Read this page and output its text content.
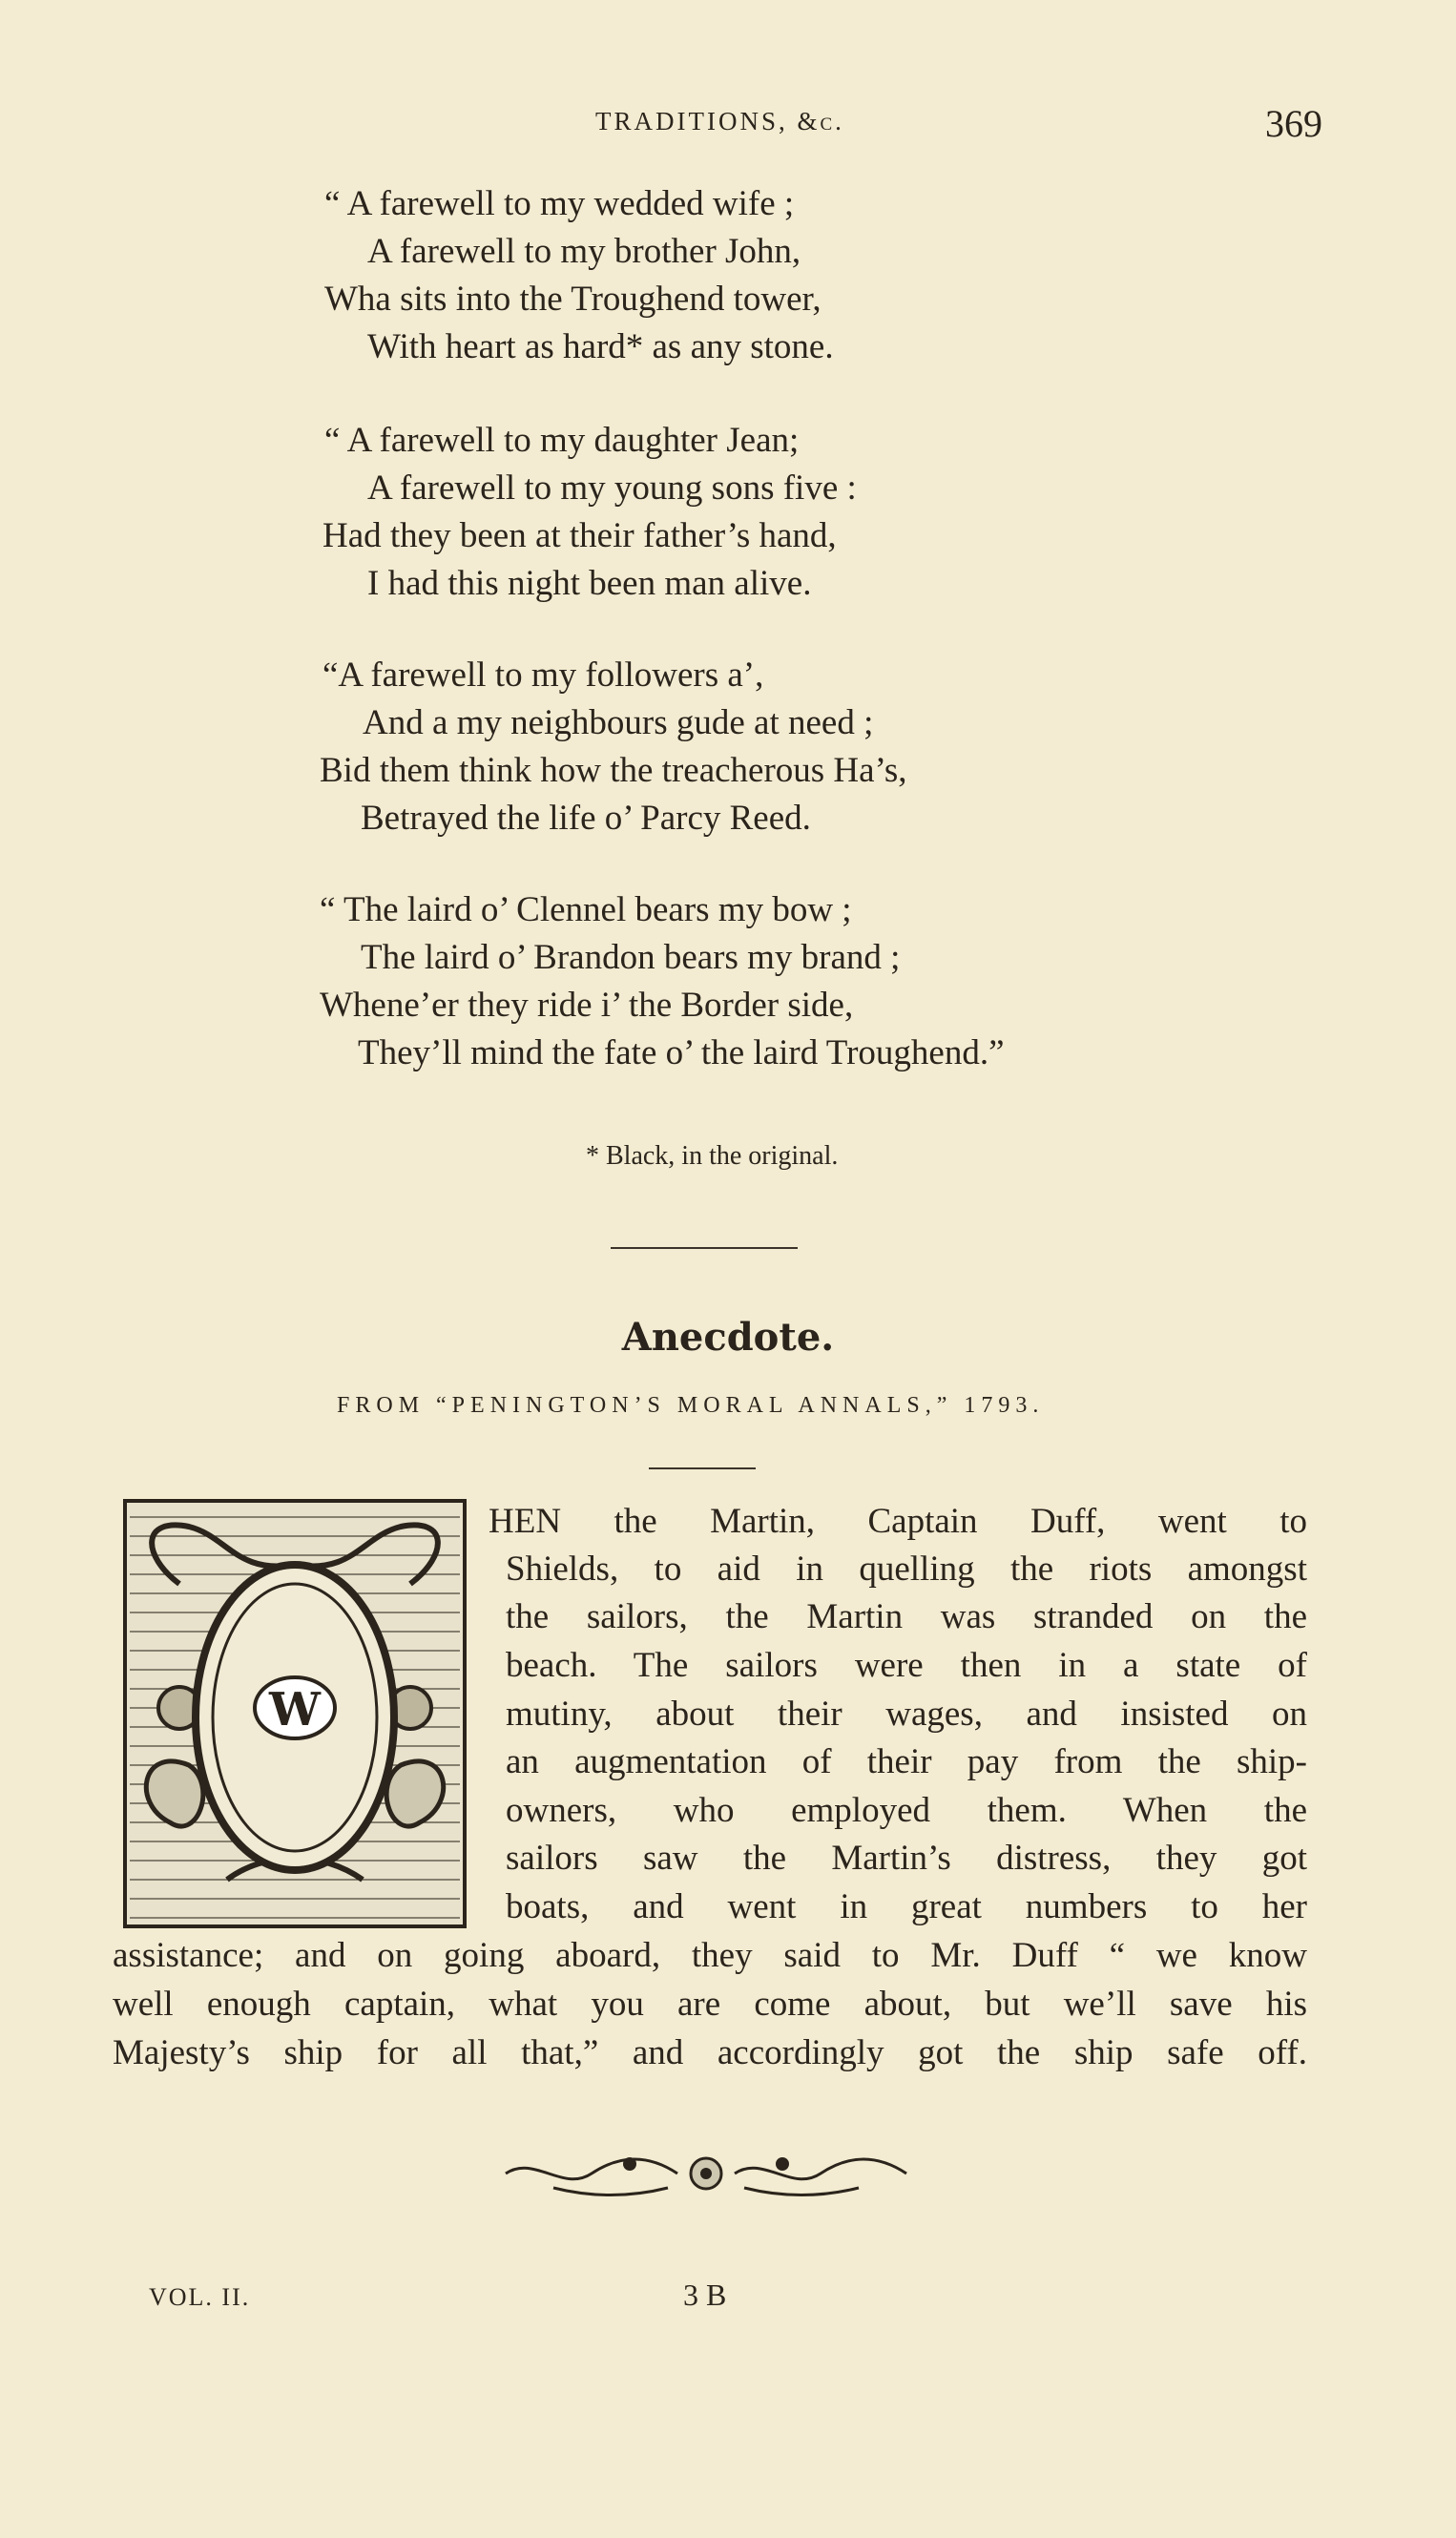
TRADITIONS, &c.	369
“ A farewell to my wedded wife ;
A farewell to my brother John,
Wha sits into the Troughend tower,
With heart as hard* as any stone.
“ A farewell to my daughter Jean;
A farewell to my young sons five :
Had they been at their father’s hand,
I had this night been man alive.
“A farewell to my followers a’,
And a my neighbours gude at need ;
Bid them think how the treacherous Ha’s,
Betrayed the life o’ Parcy Reed.
“ The laird o’ Clennel bears my bow ;
The laird o’ Brandon bears my brand ;
Whene’er they ride i’ the Border side,
They’ll mind the fate o’ the laird Troughend.”
* Black, in the original.
Anecdote.
FROM “PENINGTON’S MORAL ANNALS,” 1793.
W
HEN the Martin, Captain Duff, went to
Shields, to aid in quelling the riots amongst
the sailors, the Martin was stranded on the
beach. The sailors were then in a state of
mutiny, about their wages, and insisted on
an augmentation of their pay from the ship-
owners, who employed them. When the
sailors saw the Martin’s distress, they got
boats, and went in great numbers to her
assistance; and on going aboard, they said to Mr. Duff “ we know
well enough captain, what you are come about, but we’ll save his
Majesty’s ship for all that,” and accordingly got the ship safe off.
VOL. II.	3 B
